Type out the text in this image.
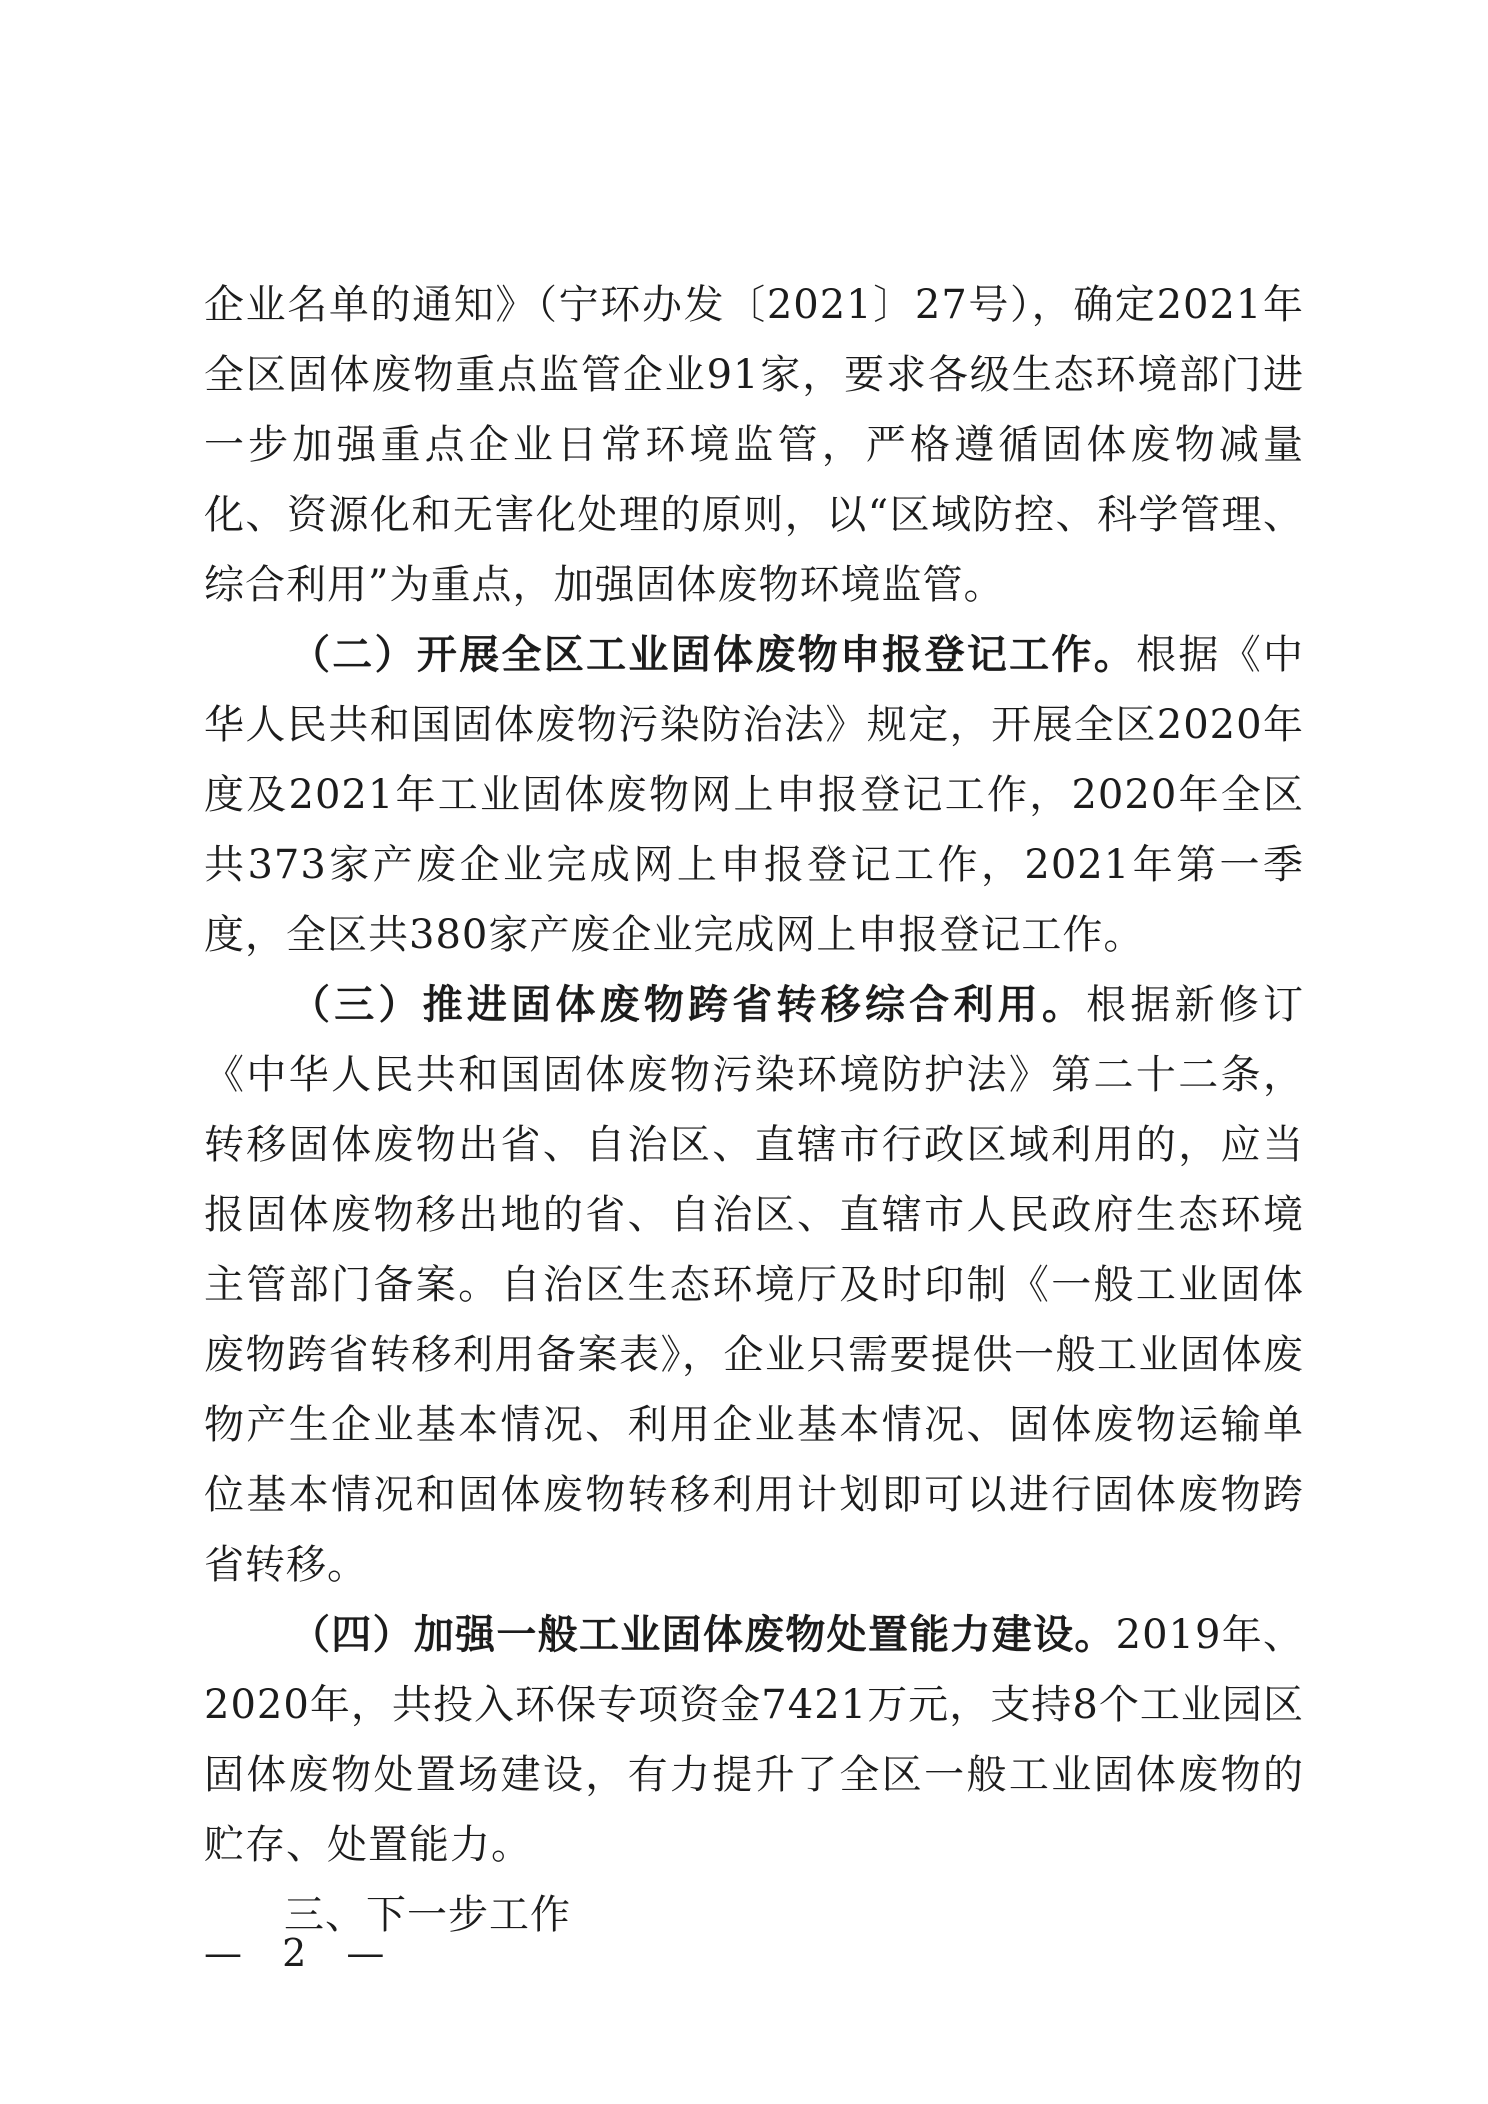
企业名单的通知》（宁环办发〔2021〕27号），确定2021年全区固体废物重点监管企业91家，要求各级生态环境部门进一步加强重点企业日常环境监管，严格遵循固体废物减量化、资源化和无害化处理的原则，以“区域防控、科学管理、综合利用”为重点，加强固体废物环境监管。

（二）开展全区工业固体废物申报登记工作。根据《中华人民共和国固体废物污染防治法》规定，开展全区2020年度及2021年工业固体废物网上申报登记工作，2020年全区共373家产废企业完成网上申报登记工作，2021年第一季度，全区共380家产废企业完成网上申报登记工作。

（三）推进固体废物跨省转移综合利用。根据新修订《中华人民共和国固体废物污染环境防护法》第二十二条，转移固体废物出省、自治区、直辖市行政区域利用的，应当报固体废物移出地的省、自治区、直辖市人民政府生态环境主管部门备案。自治区生态环境厅及时印制《一般工业固体废物跨省转移利用备案表》，企业只需要提供一般工业固体废物产生企业基本情况、利用企业基本情况、固体废物运输单位基本情况和固体废物转移利用计划即可以进行固体废物跨省转移。

（四）加强一般工业固体废物处置能力建设。2019年、2020年，共投入环保专项资金7421万元，支持8个工业园区固体废物处置场建设，有力提升了全区一般工业固体废物的贮存、处置能力。

三、下一步工作

— 2 —
